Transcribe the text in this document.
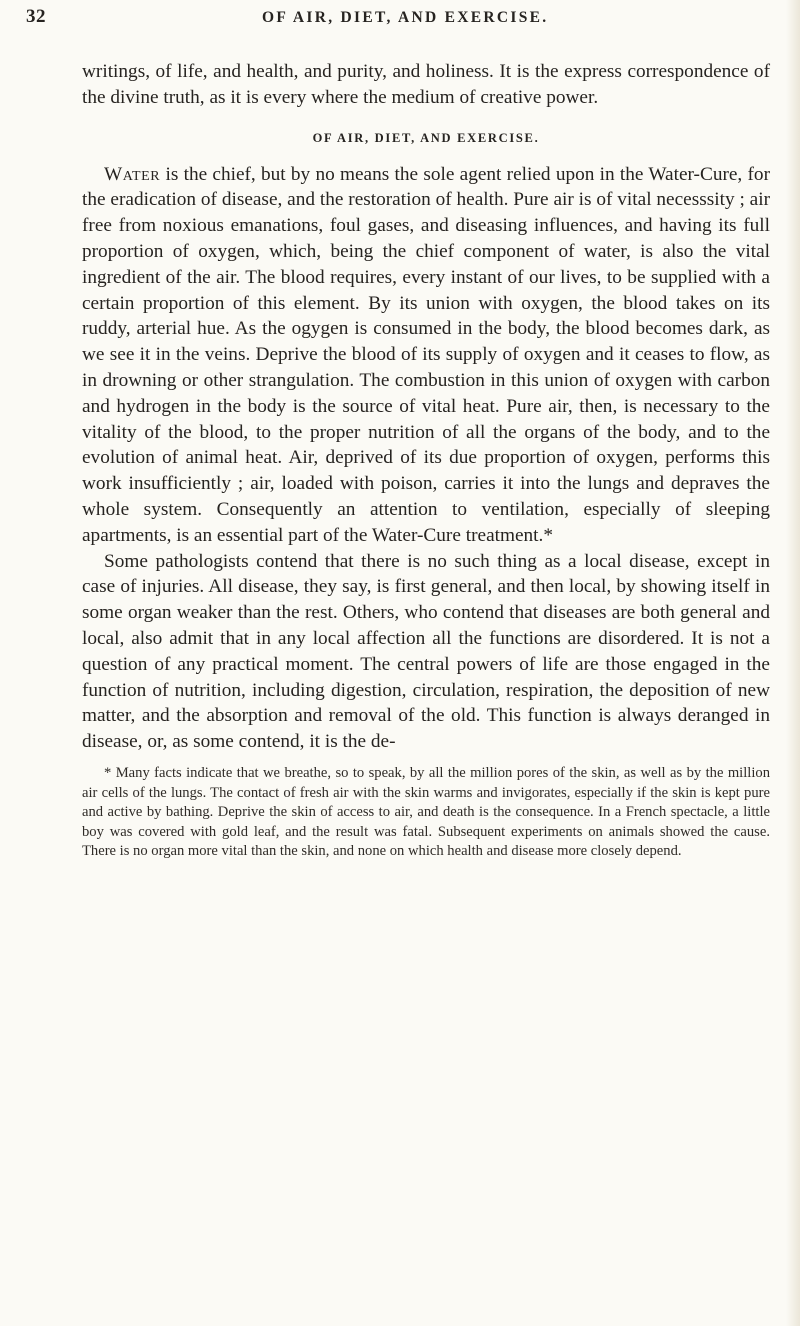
32	OF AIR, DIET, AND EXERCISE.

writings, of life, and health, and purity, and holiness. It is the express correspondence of the divine truth, as it is every where the medium of creative power.

OF AIR, DIET, AND EXERCISE.

Water is the chief, but by no means the sole agent relied upon in the Water-Cure, for the eradication of disease, and the restoration of health. Pure air is of vital necesssity ; air free from noxious emanations, foul gases, and diseasing influences, and having its full proportion of oxygen, which, being the chief component of water, is also the vital ingredient of the air. The blood requires, every instant of our lives, to be supplied with a certain proportion of this element. By its union with oxygen, the blood takes on its ruddy, arterial hue. As the ogygen is consumed in the body, the blood becomes dark, as we see it in the veins. Deprive the blood of its supply of oxygen and it ceases to flow, as in drowning or other strangulation. The combustion in this union of oxygen with carbon and hydrogen in the body is the source of vital heat. Pure air, then, is necessary to the vitality of the blood, to the proper nutrition of all the organs of the body, and to the evolution of animal heat. Air, deprived of its due proportion of oxygen, performs this work insufficiently ; air, loaded with poison, carries it into the lungs and depraves the whole system. Consequently an attention to ventilation, especially of sleeping apartments, is an essential part of the Water-Cure treatment.*

Some pathologists contend that there is no such thing as a local disease, except in case of injuries. All disease, they say, is first general, and then local, by showing itself in some organ weaker than the rest. Others, who contend that diseases are both general and local, also admit that in any local affection all the functions are disordered. It is not a question of any practical moment. The central powers of life are those engaged in the function of nutrition, including digestion, circulation, respiration, the deposition of new matter, and the absorption and removal of the old. This function is always deranged in disease, or, as some contend, it is the de-

* Many facts indicate that we breathe, so to speak, by all the million pores of the skin, as well as by the million air cells of the lungs. The contact of fresh air with the skin warms and invigorates, especially if the skin is kept pure and active by bathing. Deprive the skin of access to air, and death is the consequence. In a French spectacle, a little boy was covered with gold leaf, and the result was fatal. Subsequent experiments on animals showed the cause. There is no organ more vital than the skin, and none on which health and disease more closely depend.
